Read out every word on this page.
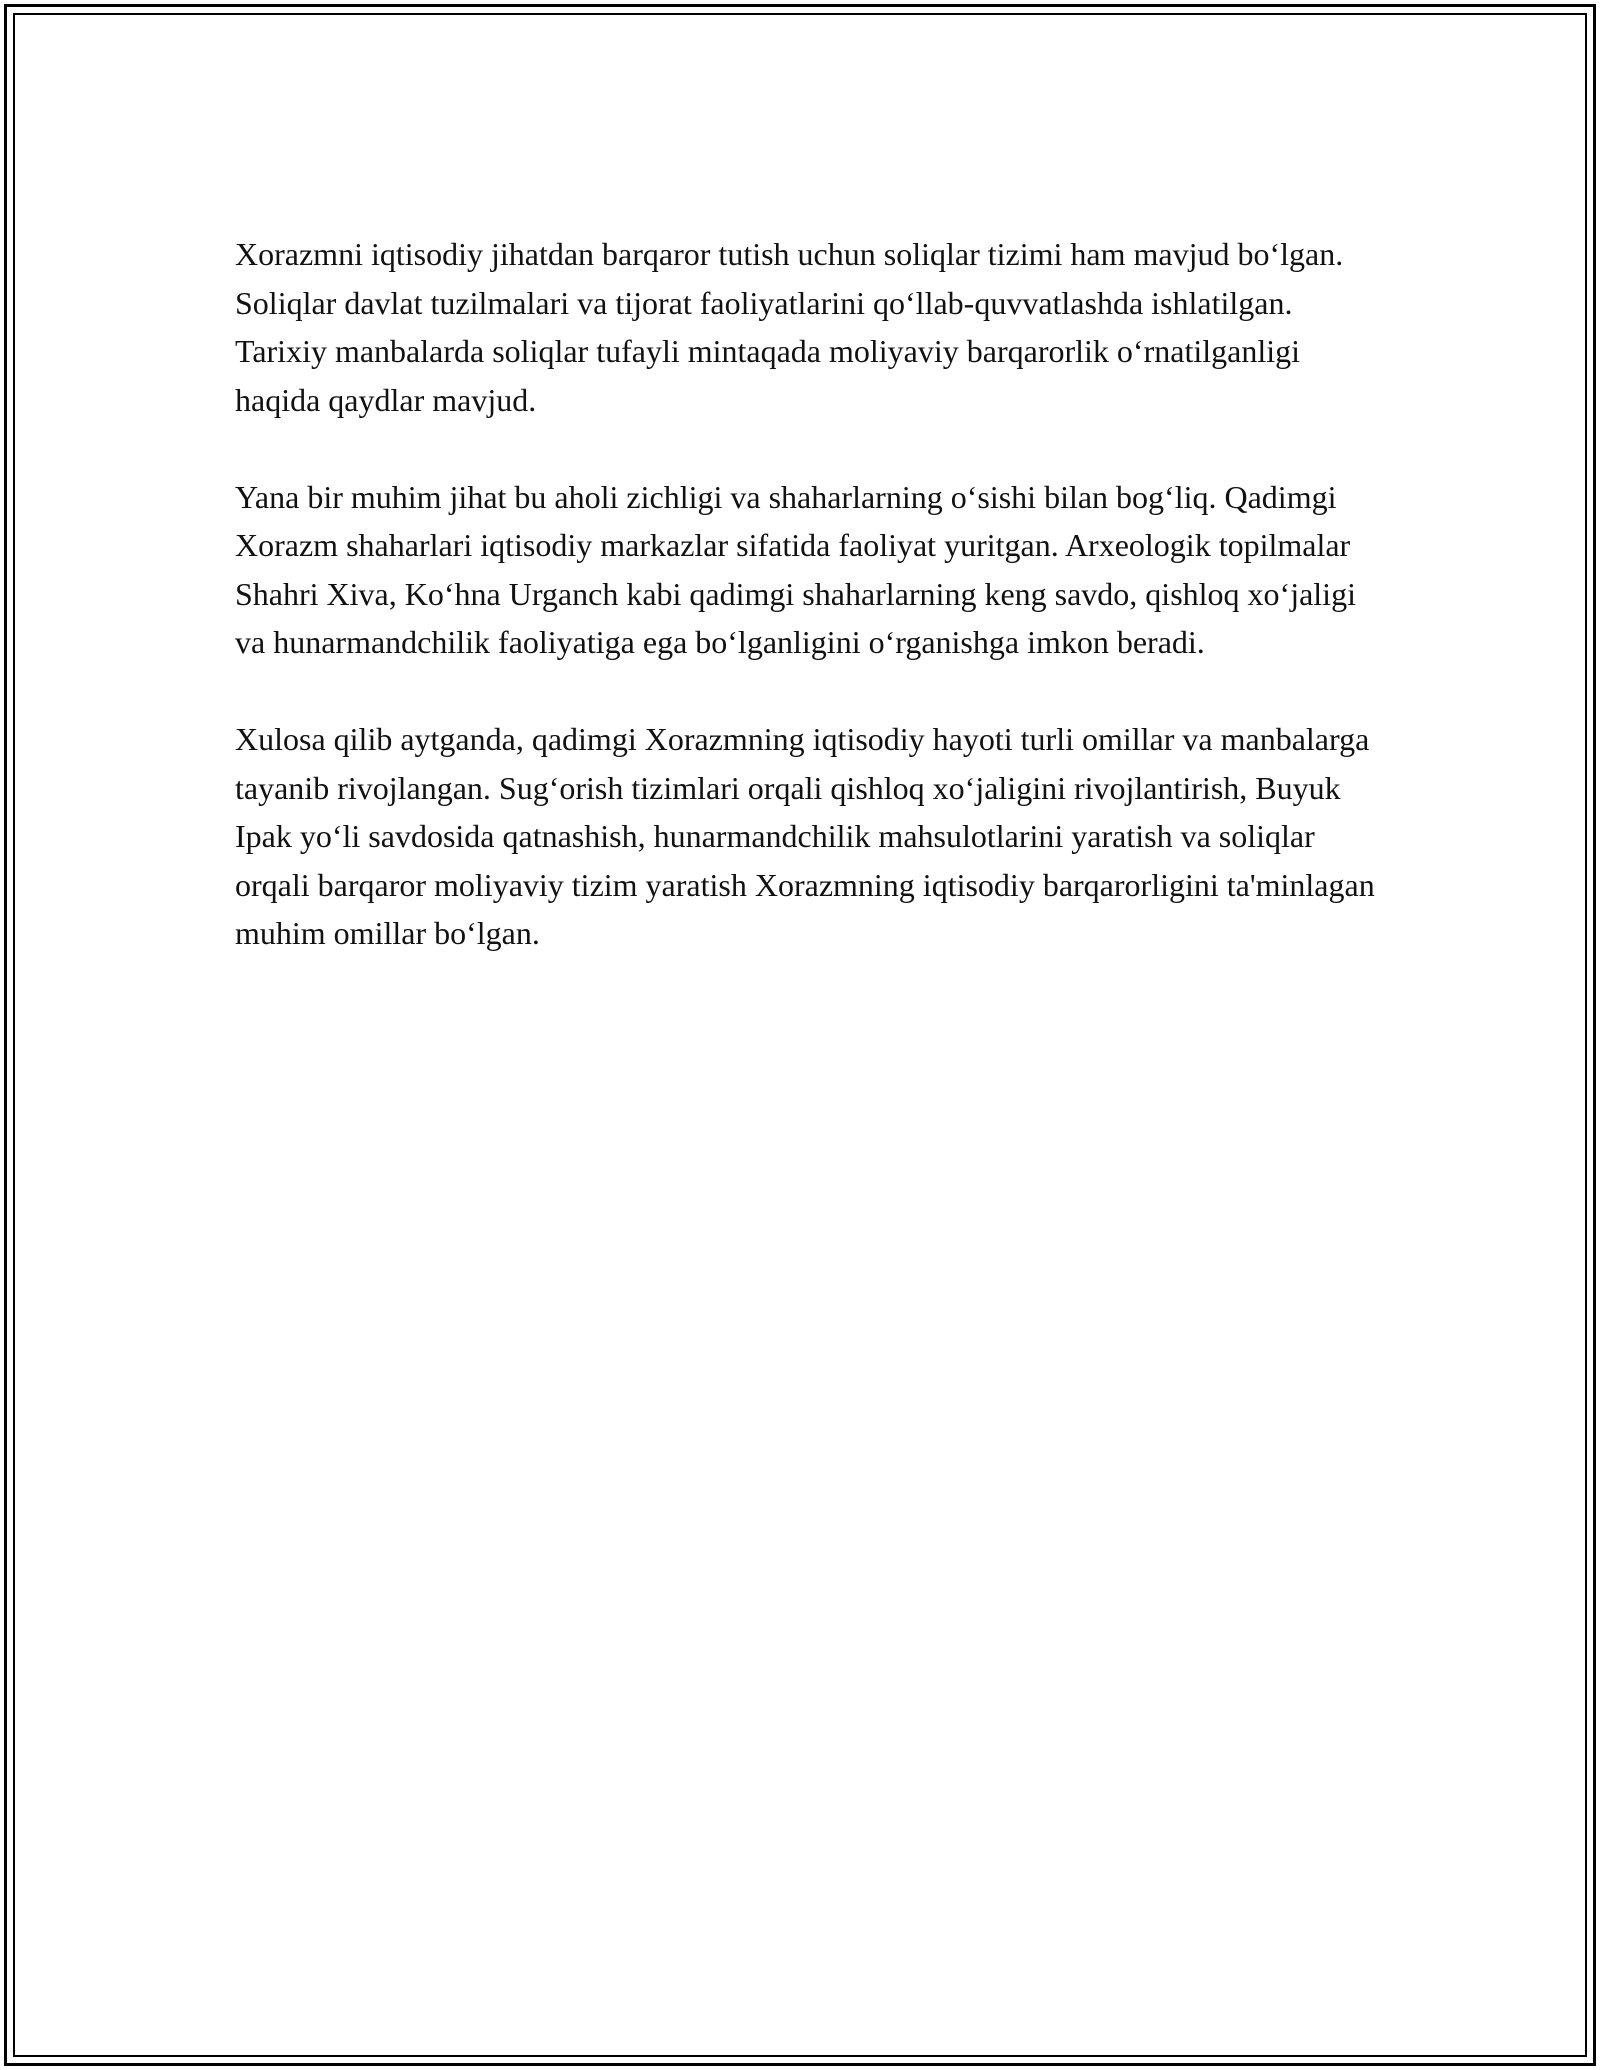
Xorazmni iqtisodiy jihatdan barqaror tutish uchun soliqlar tizimi ham mavjud bo‘lgan. Soliqlar davlat tuzilmalari va tijorat faoliyatlarini qo‘llab-quvvatlashda ishlatilgan. Tarixiy manbalarda soliqlar tufayli mintaqada moliyaviy barqarorlik o‘rnatilganligi haqida qaydlar mavjud.

Yana bir muhim jihat bu aholi zichligi va shaharlarning o‘sishi bilan bog‘liq. Qadimgi Xorazm shaharlari iqtisodiy markazlar sifatida faoliyat yuritgan. Arxeologik topilmalar Shahri Xiva, Ko‘hna Urganch kabi qadimgi shaharlarning keng savdo, qishloq xo‘jaligi va hunarmandchilik faoliyatiga ega bo‘lganligini o‘rganishga imkon beradi.

Xulosa qilib aytganda, qadimgi Xorazmning iqtisodiy hayoti turli omillar va manbalarga tayanib rivojlangan. Sug‘orish tizimlari orqali qishloq xo‘jaligini rivojlantirish, Buyuk Ipak yo‘li savdosida qatnashish, hunarmandchilik mahsulotlarini yaratish va soliqlar orqali barqaror moliyaviy tizim yaratish Xorazmning iqtisodiy barqarorligini ta'minlagan muhim omillar bo‘lgan.
